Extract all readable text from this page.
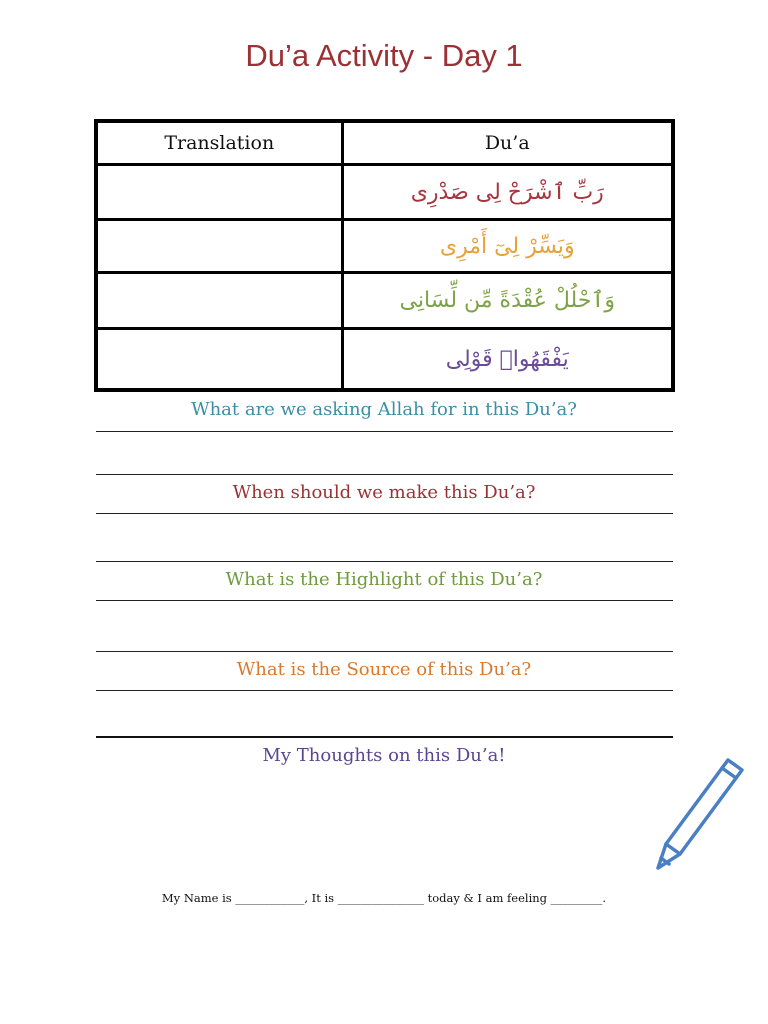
Du’a Activity - Day 1
Translation	Du’a
	رَبِّ ٱشْرَحْ لِى صَدْرِى
	وَيَسِّرْ لِىٓ أَمْرِى
	وَٱحْلُلْ عُقْدَةً مِّن لِّسَانِى
	يَفْقَهُوا۟ قَوْلِى
What are we asking Allah for in this Du’a?
When should we make this Du’a?
What is the Highlight of this Du’a?
What is the Source of this Du’a?
My Thoughts on this Du’a!
My Name is ____________, It is _______________ today & I am feeling _________.
